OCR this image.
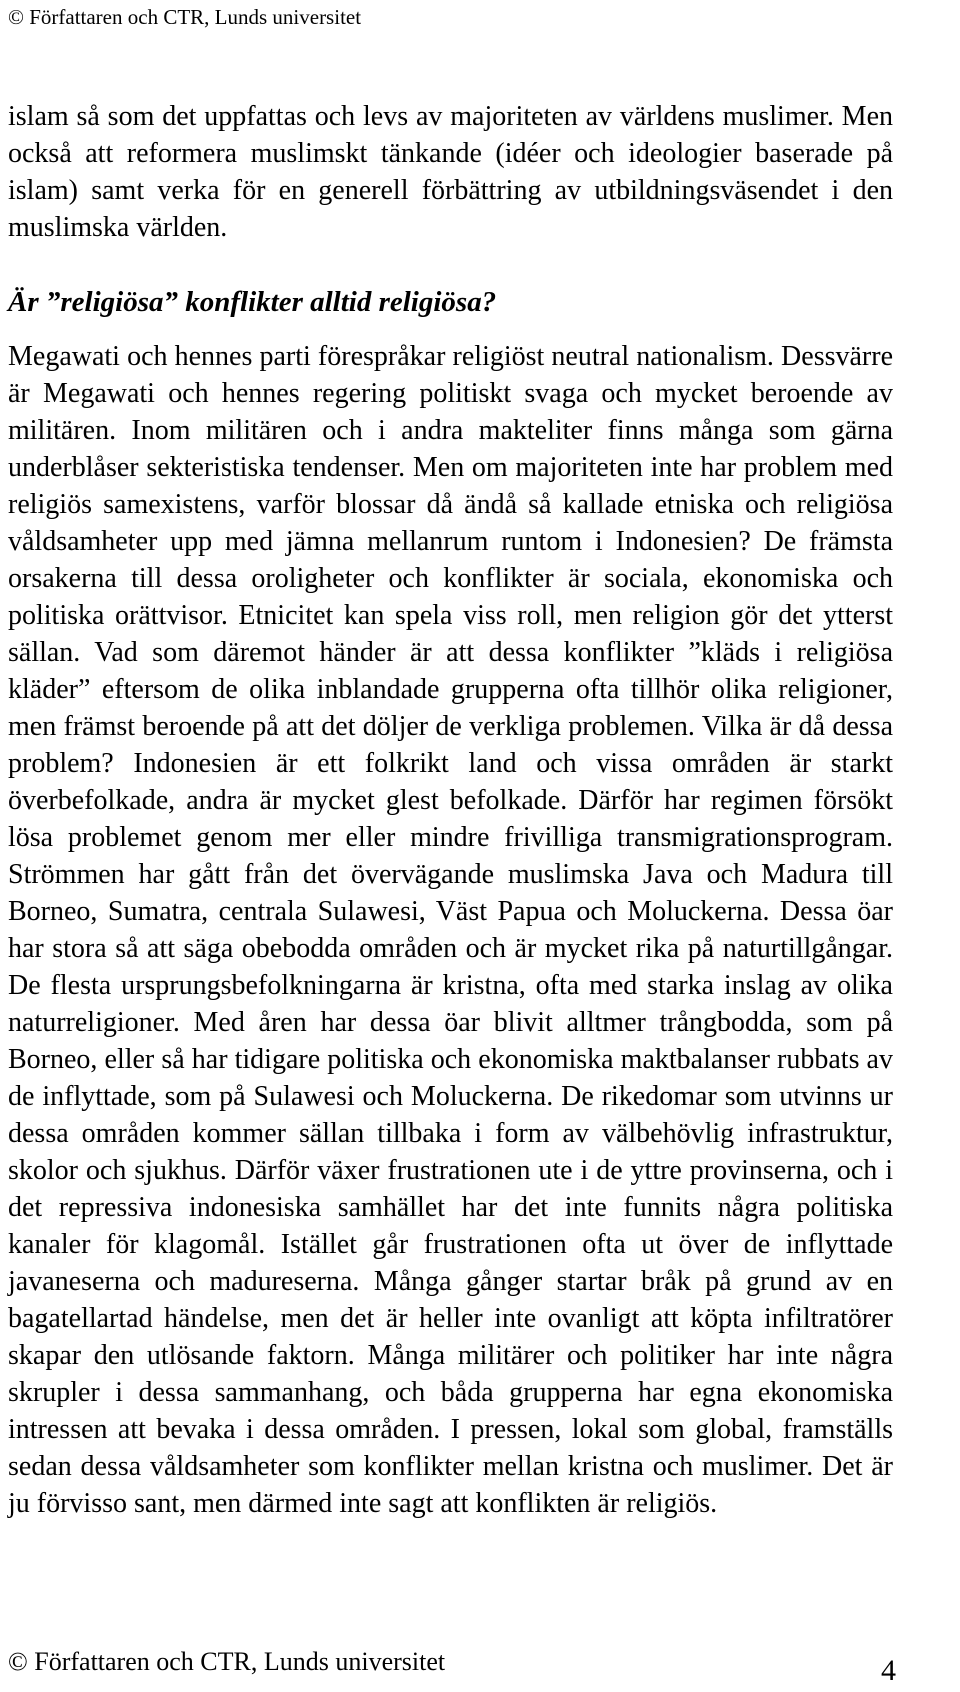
© Författaren och CTR, Lunds universitet

islam så som det uppfattas och levs av majoriteten av världens muslimer. Men också att reformera muslimskt tänkande (idéer och ideologier baserade på islam) samt verka för en generell förbättring av utbildningsväsendet i den muslimska världen.

Är ”religiösa” konflikter alltid religiösa?

Megawati och hennes parti förespråkar religiöst neutral nationalism. Dessvärre är Megawati och hennes regering politiskt svaga och mycket beroende av militären. Inom militären och i andra makteliter finns många som gärna underblåser sekteristiska tendenser. Men om majoriteten inte har problem med religiös samexistens, varför blossar då ändå så kallade etniska och religiösa våldsamheter upp med jämna mellanrum runtom i Indonesien? De främsta orsakerna till dessa oroligheter och konflikter är sociala, ekonomiska och politiska orättvisor. Etnicitet kan spela viss roll, men religion gör det ytterst sällan. Vad som däremot händer är att dessa konflikter ”kläds i religiösa kläder” eftersom de olika inblandade grupperna ofta tillhör olika religioner, men främst beroende på att det döljer de verkliga problemen. Vilka är då dessa problem? Indonesien är ett folkrikt land och vissa områden är starkt överbefolkade, andra är mycket glest befolkade. Därför har regimen försökt lösa problemet genom mer eller mindre frivilliga transmigrationsprogram. Strömmen har gått från det övervägande muslimska Java och Madura till Borneo, Sumatra, centrala Sulawesi, Väst Papua och Moluckerna. Dessa öar har stora så att säga obebodda områden och är mycket rika på naturtillgångar. De flesta ursprungsbefolkningarna är kristna, ofta med starka inslag av olika naturreligioner. Med åren har dessa öar blivit alltmer trångbodda, som på Borneo, eller så har tidigare politiska och ekonomiska maktbalanser rubbats av de inflyttade, som på Sulawesi och Moluckerna. De rikedomar som utvinns ur dessa områden kommer sällan tillbaka i form av välbehövlig infrastruktur, skolor och sjukhus. Därför växer frustrationen ute i de yttre provinserna, och i det repressiva indonesiska samhället har det inte funnits några politiska kanaler för klagomål. Istället går frustrationen ofta ut över de inflyttade javaneserna och madureserna. Många gånger startar bråk på grund av en bagatellartad händelse, men det är heller inte ovanligt att köpta infiltratörer skapar den utlösande faktorn. Många militärer och politiker har inte några skrupler i dessa sammanhang, och båda grupperna har egna ekonomiska intressen att bevaka i dessa områden. I pressen, lokal som global, framställs sedan dessa våldsamheter som konflikter mellan kristna och muslimer. Det är ju förvisso sant, men därmed inte sagt att konflikten är religiös.

© Författaren och CTR, Lunds universitet	4
